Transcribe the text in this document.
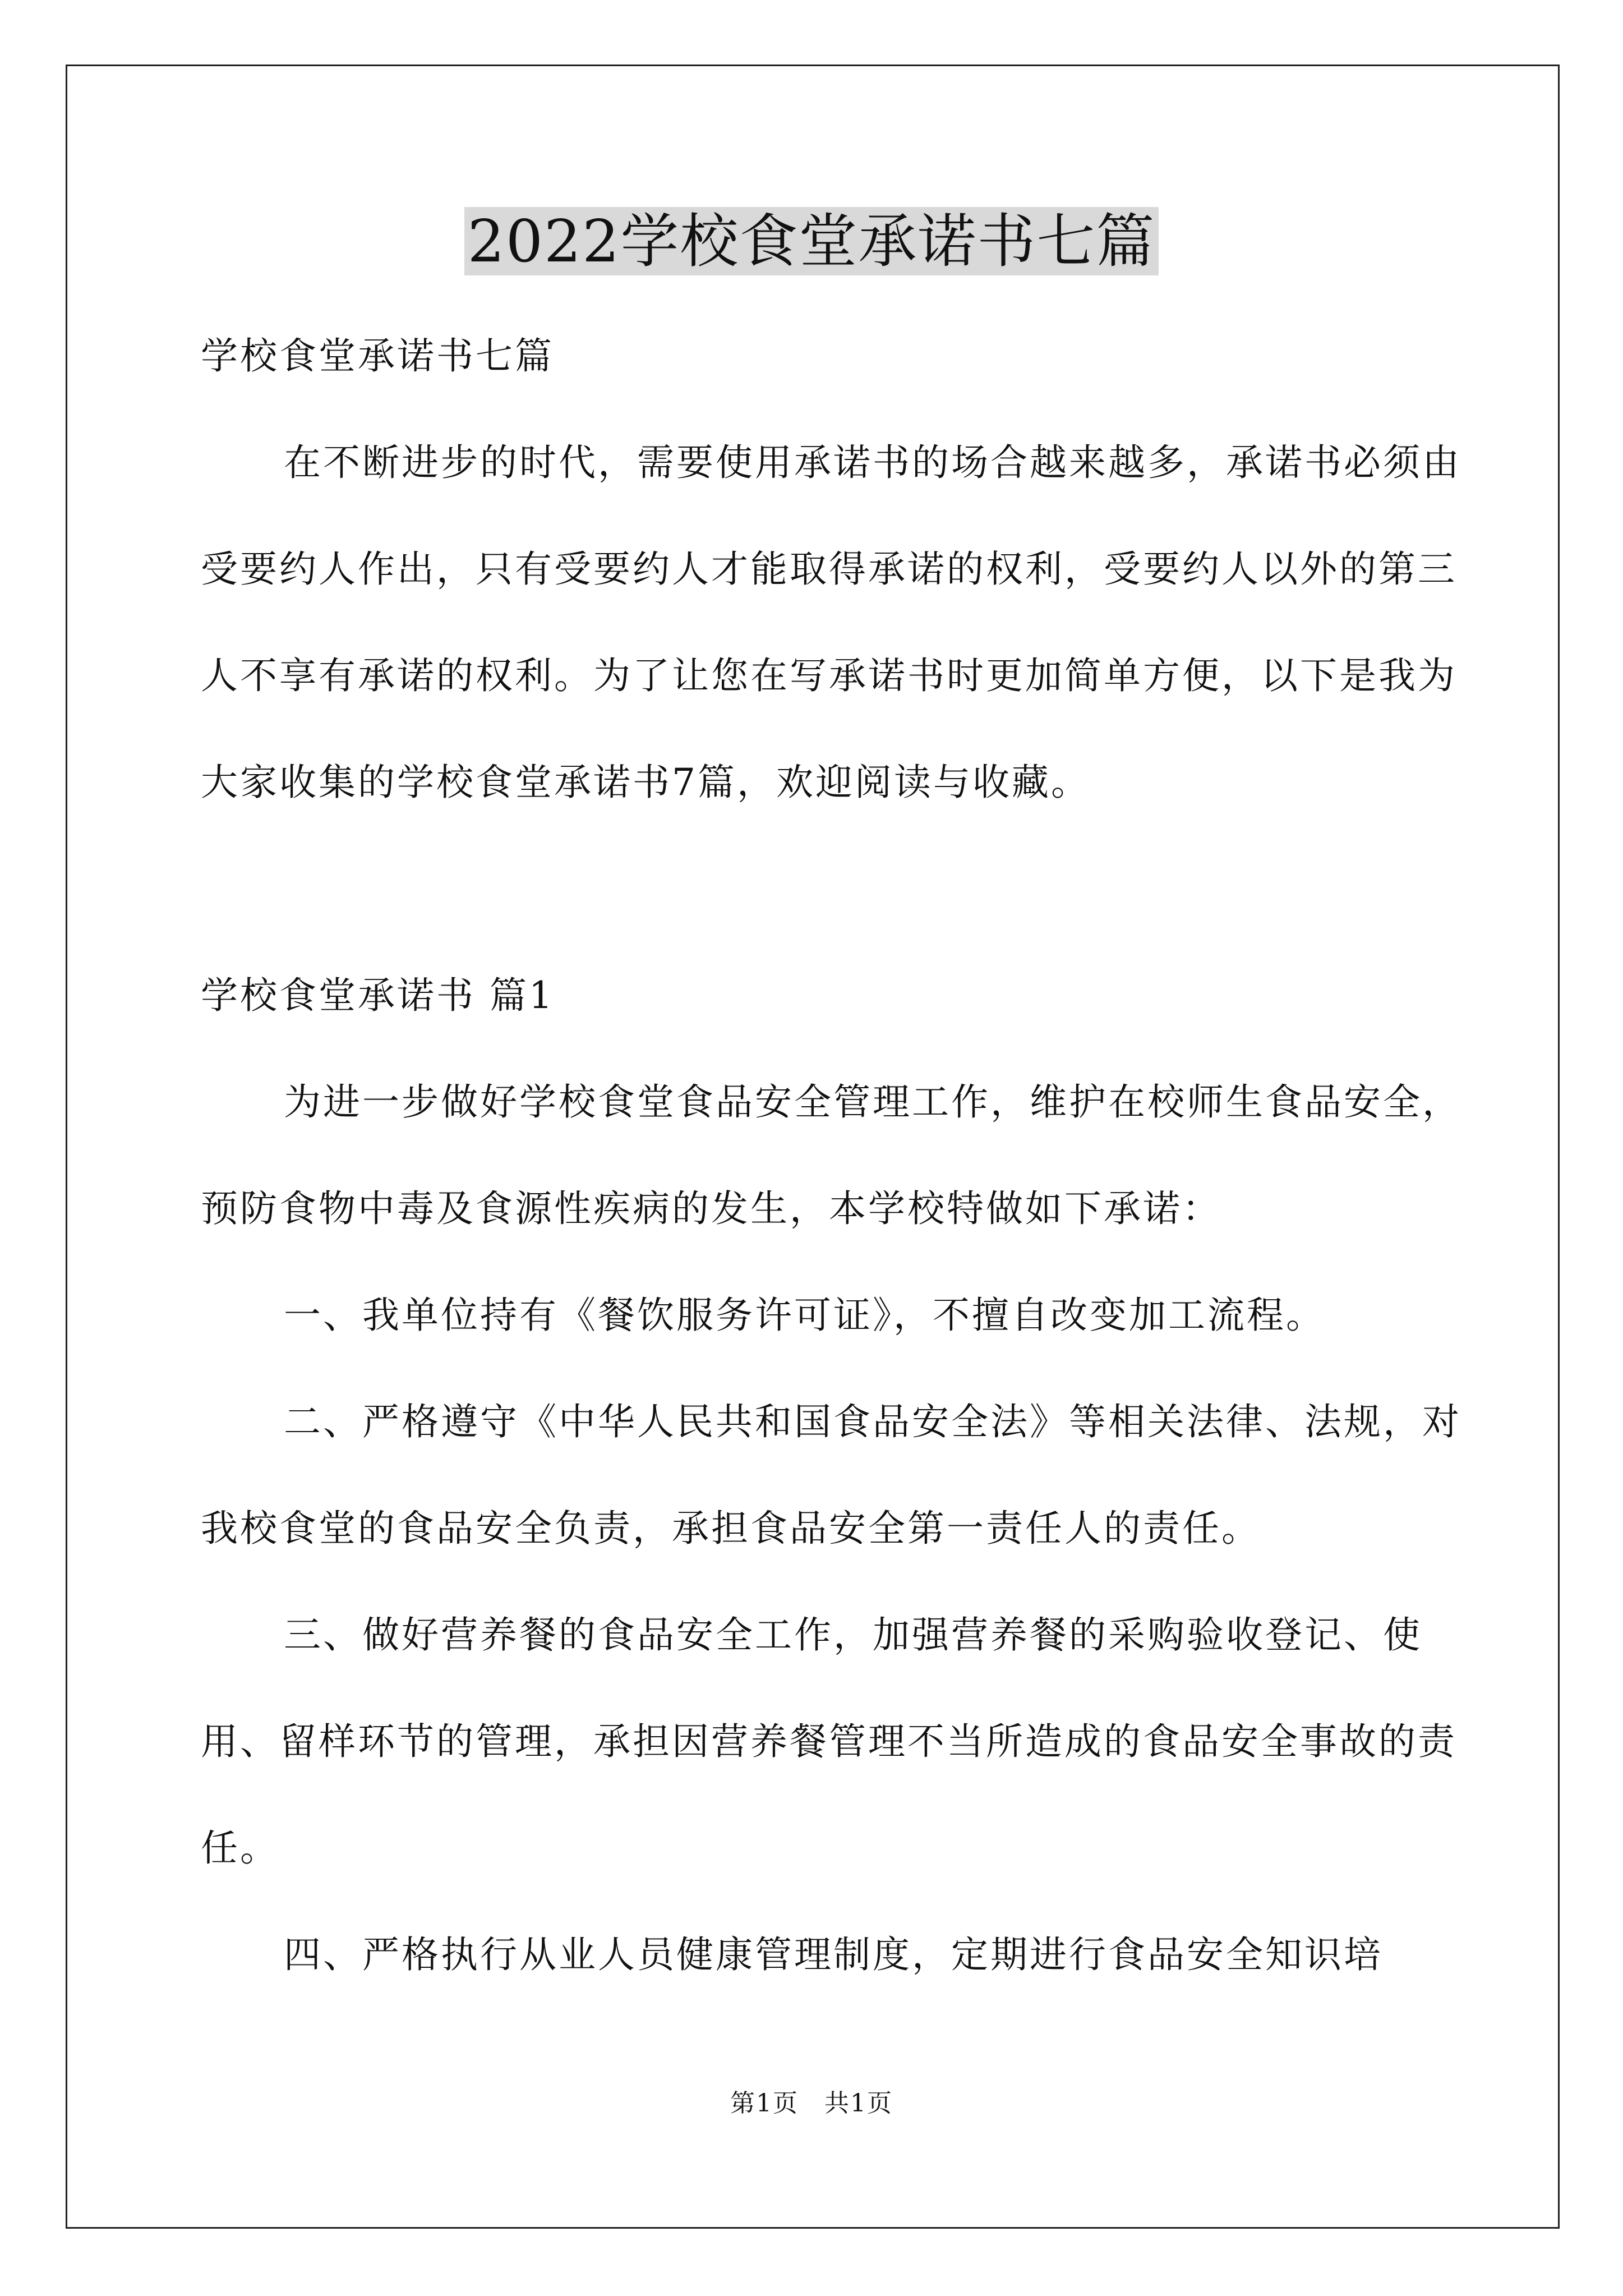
2022学校食堂承诺书七篇

学校食堂承诺书七篇

在不断进步的时代，需要使用承诺书的场合越来越多，承诺书必须由受要约人作出，只有受要约人才能取得承诺的权利，受要约人以外的第三人不享有承诺的权利。为了让您在写承诺书时更加简单方便，以下是我为大家收集的学校食堂承诺书7篇，欢迎阅读与收藏。

学校食堂承诺书 篇1

为进一步做好学校食堂食品安全管理工作，维护在校师生食品安全，预防食物中毒及食源性疾病的发生，本学校特做如下承诺：

一、我单位持有《餐饮服务许可证》，不擅自改变加工流程。

二、严格遵守《中华人民共和国食品安全法》等相关法律、法规，对我校食堂的食品安全负责，承担食品安全第一责任人的责任。

三、做好营养餐的食品安全工作，加强营养餐的采购验收登记、使用、留样环节的管理，承担因营养餐管理不当所造成的食品安全事故的责任。

四、严格执行从业人员健康管理制度，定期进行食品安全知识培

第1页　共1页
